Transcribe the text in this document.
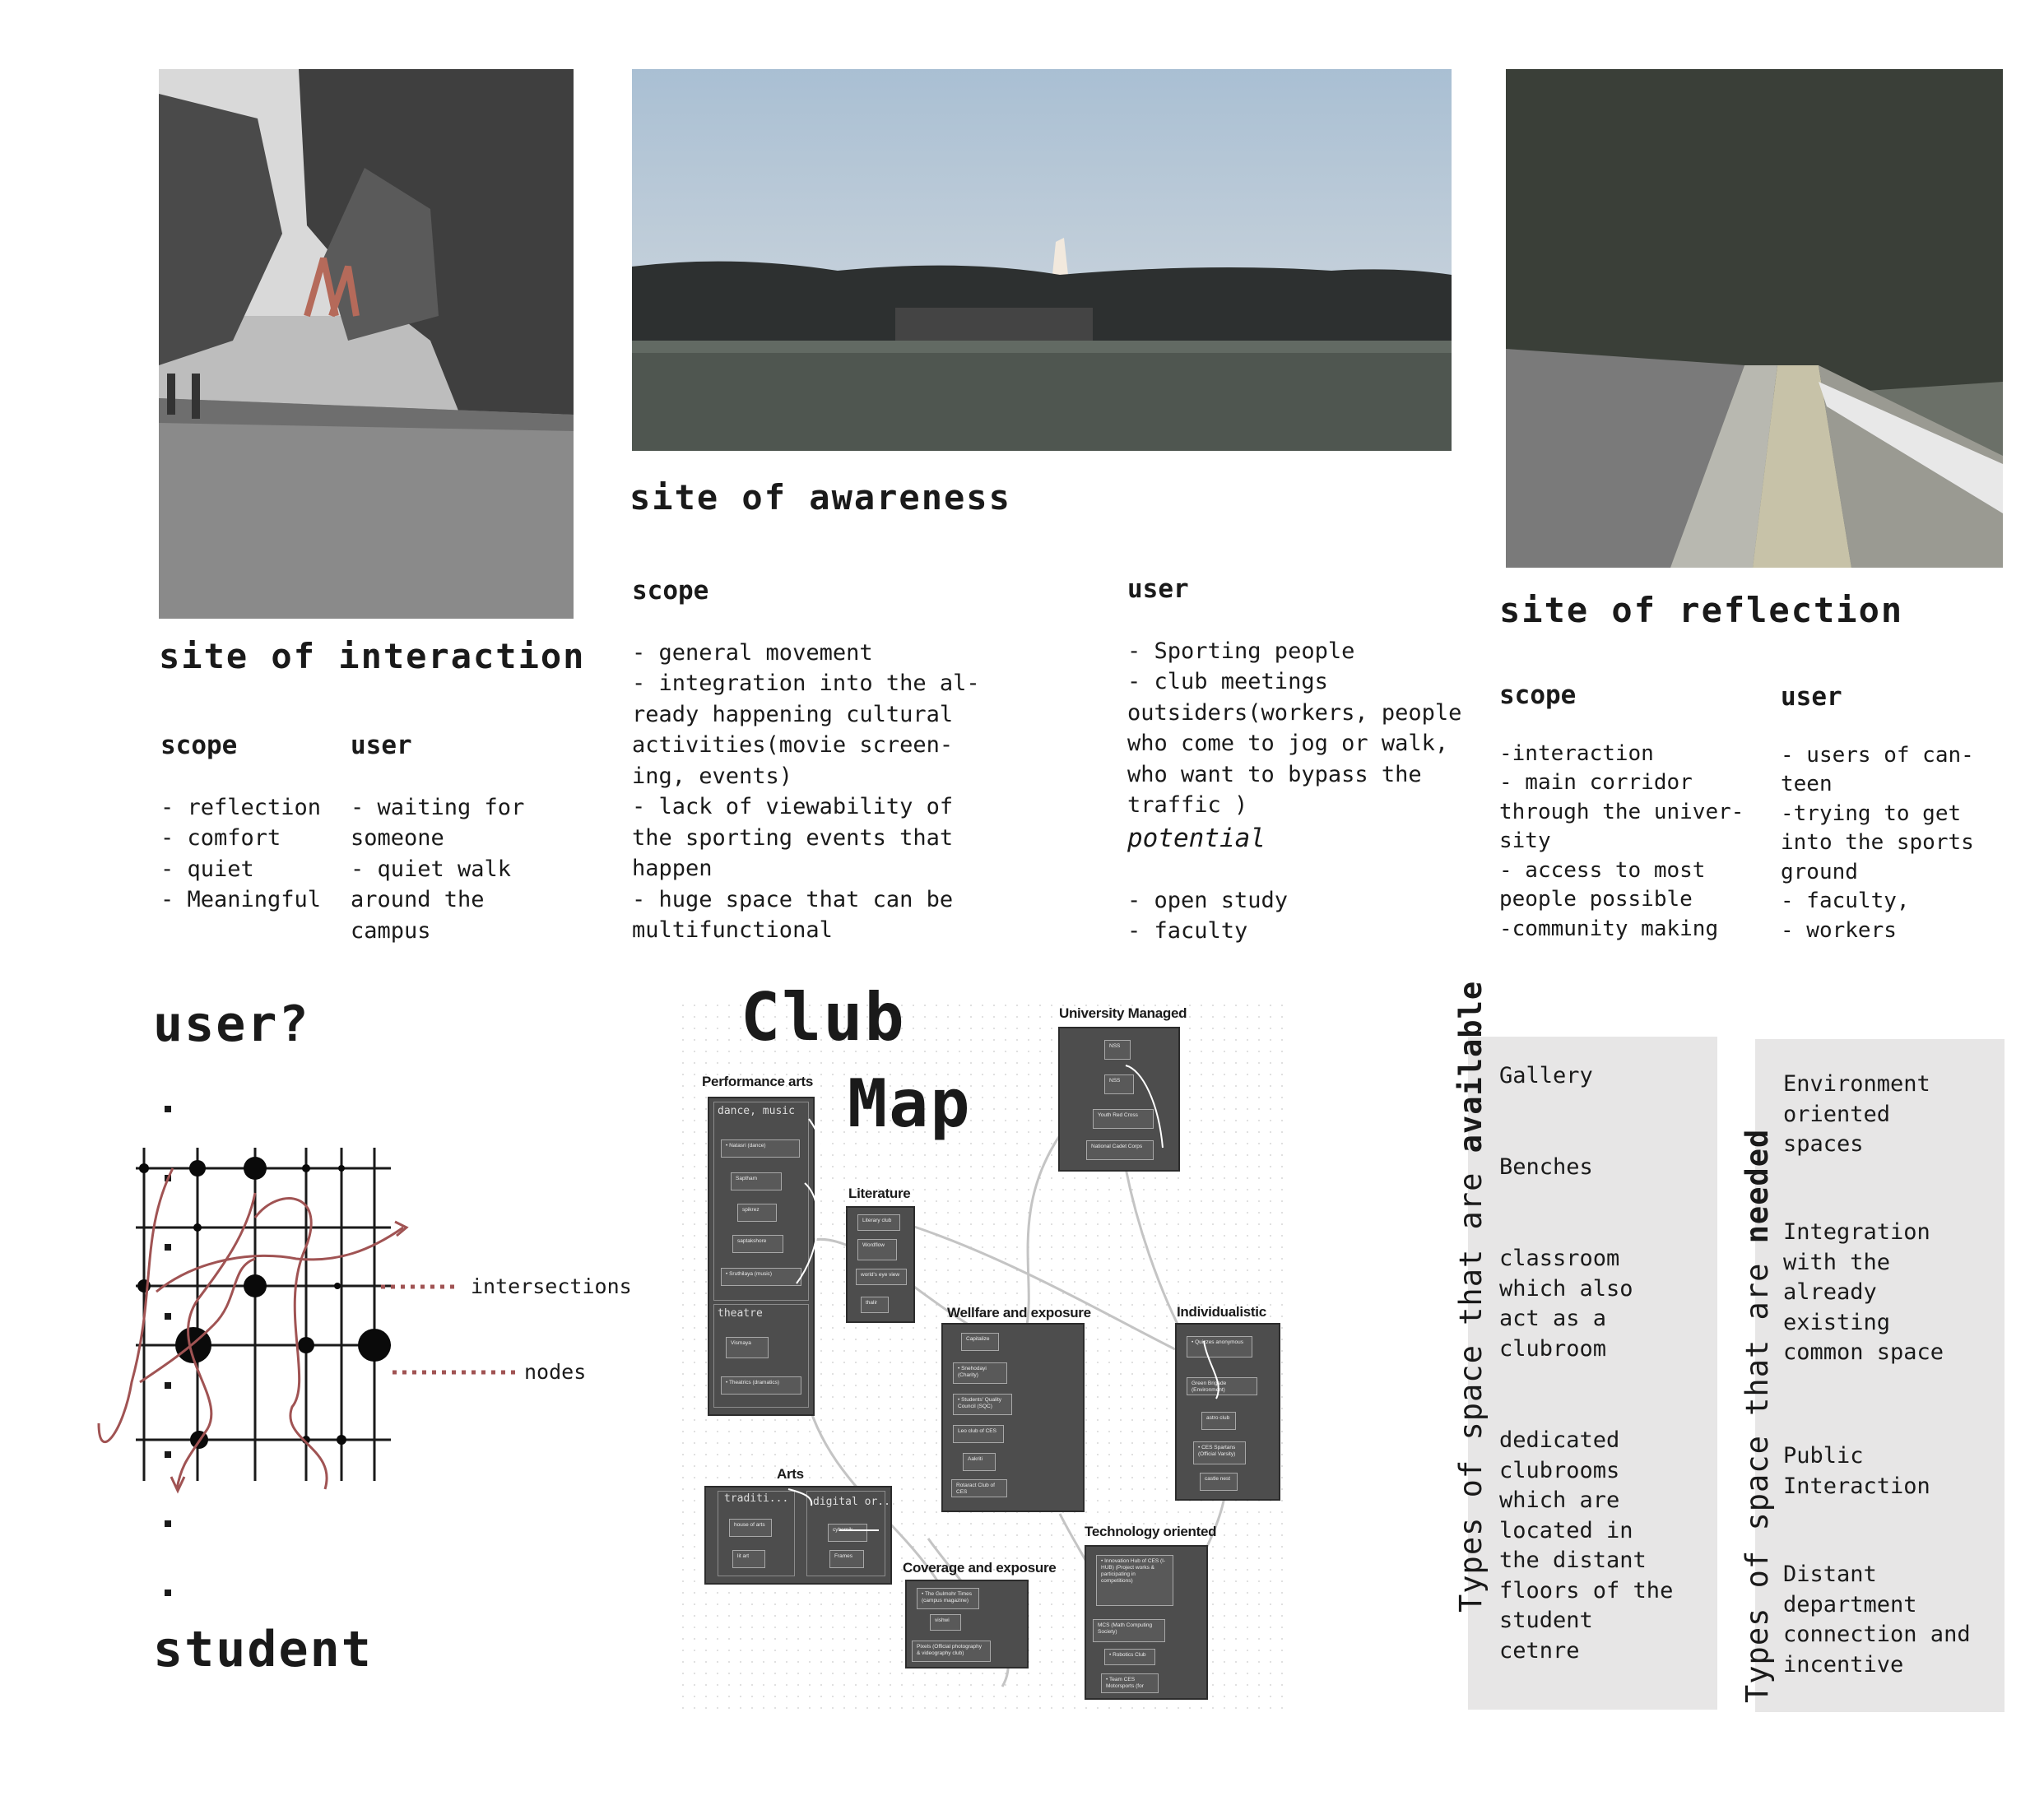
site of interaction

scope

- reflection
- comfort
- quiet
- Meaningful

user

- waiting for
someone
- quiet walk
around the
campus

site of awareness

scope

- general movement
- integration into the al-
ready happening cultural
activities(movie screen-
ing, events)
- lack of viewability of
the sporting events that
happen
- huge space that can be
multifunctional

user

- Sporting people
- club meetings
outsiders(workers, people
who come to jog or walk,
who want to bypass the
traffic )

potential

- open study
- faculty

site of reflection

scope

-interaction
- main corridor
through the univer-
sity
- access to most
people possible
-community making

user

- users of can-
teen
-trying to get
into the sports
ground
- faculty,
- workers

user?
intersections
nodes
student
Club
Map
University Managed
NSS
NSS
Youth Red Cross
National Cadet Corps
Performance arts
dance, music
• Natasri (dance)
Saptham
spikrez
saptakshore
• Sruthilaya (music)
theatre
Vismaya
• Theatrics (dramatics)
Literature
Literary club
Wordflow
world's eye view
thalir
Wellfare and exposure
Capitalize
• Snehodayi (Charity)
• Students' Quality Council (SQC)
Leo club of CES
Aakriti
Rotaract Club of CES
Individualistic
• Quizzes anonymous
Green Brigade (Environment)
astro club
• CES Spartans (Official Varsity)
castle nest
Arts
traditi...
house of arts
lit art
digital or...
cybernik
Frames
Coverage and exposure
• The Gulmohr Times (campus magazine)
vishwi
Pixels (Official photography & videography club)
Technology oriented
• Innovation Hub of CES (I-HUB) (Project works & participating in competitions)
MCS (Math Computing Society)
• Robotics Club
• Team CES Motorsports (for
Types of space that are available Gallery
Benches
classroom
which also
act as a
clubroom
dedicated
clubrooms
which are
located in
the distant
floors of the
student
cetnre	Types of space that are needed
Environment
oriented
spaces
Integration
with the
already
existing
common space
Public
Interaction
Distant
department
connection and
incentive
